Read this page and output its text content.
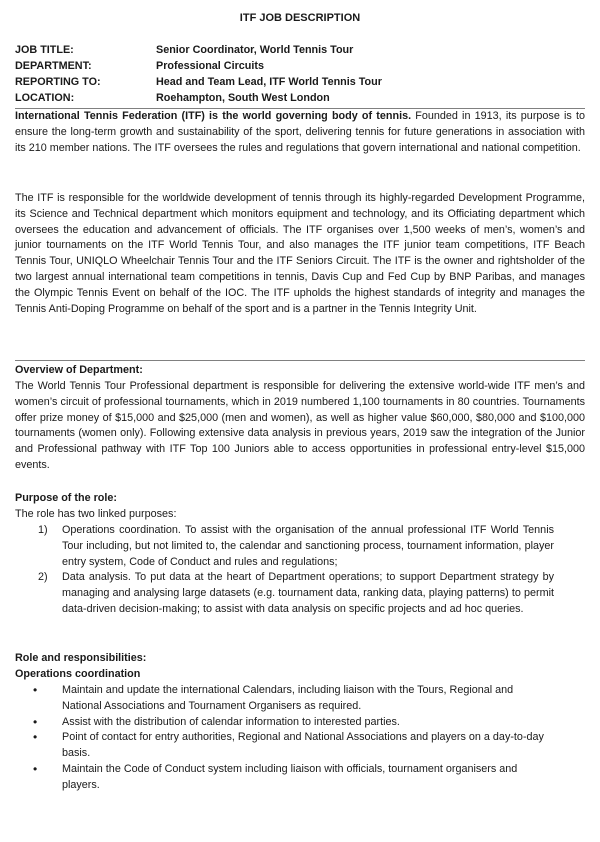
ITF JOB DESCRIPTION
JOB TITLE:	Senior Coordinator, World Tennis Tour
DEPARTMENT:	Professional Circuits
REPORTING TO:	Head and Team Lead, ITF World Tennis Tour
LOCATION:	Roehampton, South West London
International Tennis Federation (ITF) is the world governing body of tennis. Founded in 1913, its purpose is to ensure the long-term growth and sustainability of the sport, delivering tennis for future generations in association with its 210 member nations. The ITF oversees the rules and regulations that govern international and national competition.
The ITF is responsible for the worldwide development of tennis through its highly-regarded Development Programme, its Science and Technical department which monitors equipment and technology, and its Officiating department which oversees the education and advancement of officials. The ITF organises over 1,500 weeks of men’s, women’s and junior tournaments on the ITF World Tennis Tour, and also manages the ITF junior team competitions, ITF Beach Tennis Tour, UNIQLO Wheelchair Tennis Tour and the ITF Seniors Circuit. The ITF is the owner and rightsholder of the two largest annual international team competitions in tennis, Davis Cup and Fed Cup by BNP Paribas, and manages the Olympic Tennis Event on behalf of the IOC. The ITF upholds the highest standards of integrity and manages the Tennis Anti-Doping Programme on behalf of the sport and is a partner in the Tennis Integrity Unit.
Overview of Department:
The World Tennis Tour Professional department is responsible for delivering the extensive world-wide ITF men’s and women’s circuit of professional tournaments, which in 2019 numbered 1,100 tournaments in 80 countries. Tournaments offer prize money of $15,000 and $25,000 (men and women), as well as higher value $60,000, $80,000 and $100,000 tournaments (women only). Following extensive data analysis in previous years, 2019 saw the integration of the Junior and Professional pathway with ITF Top 100 Juniors able to access opportunities in professional entry-level $15,000 events.
Purpose of the role:
The role has two linked purposes:
1)	Operations coordination. To assist with the organisation of the annual professional ITF World Tennis Tour including, but not limited to, the calendar and sanctioning process, tournament information, player entry system, Code of Conduct and rules and regulations;
2)	Data analysis. To put data at the heart of Department operations; to support Department strategy by managing and analysing large datasets (e.g. tournament data, ranking data, playing patterns) to permit data-driven decision-making; to assist with data analysis on specific projects and ad hoc queries.
Role and responsibilities:
Operations coordination
•	Maintain and update the international Calendars, including liaison with the Tours, Regional and National Associations and Tournament Organisers as required.
•	Assist with the distribution of calendar information to interested parties.
•	Point of contact for entry authorities, Regional and National Associations and players on a day-to-day basis.
•	Maintain the Code of Conduct system including liaison with officials, tournament organisers and players.
